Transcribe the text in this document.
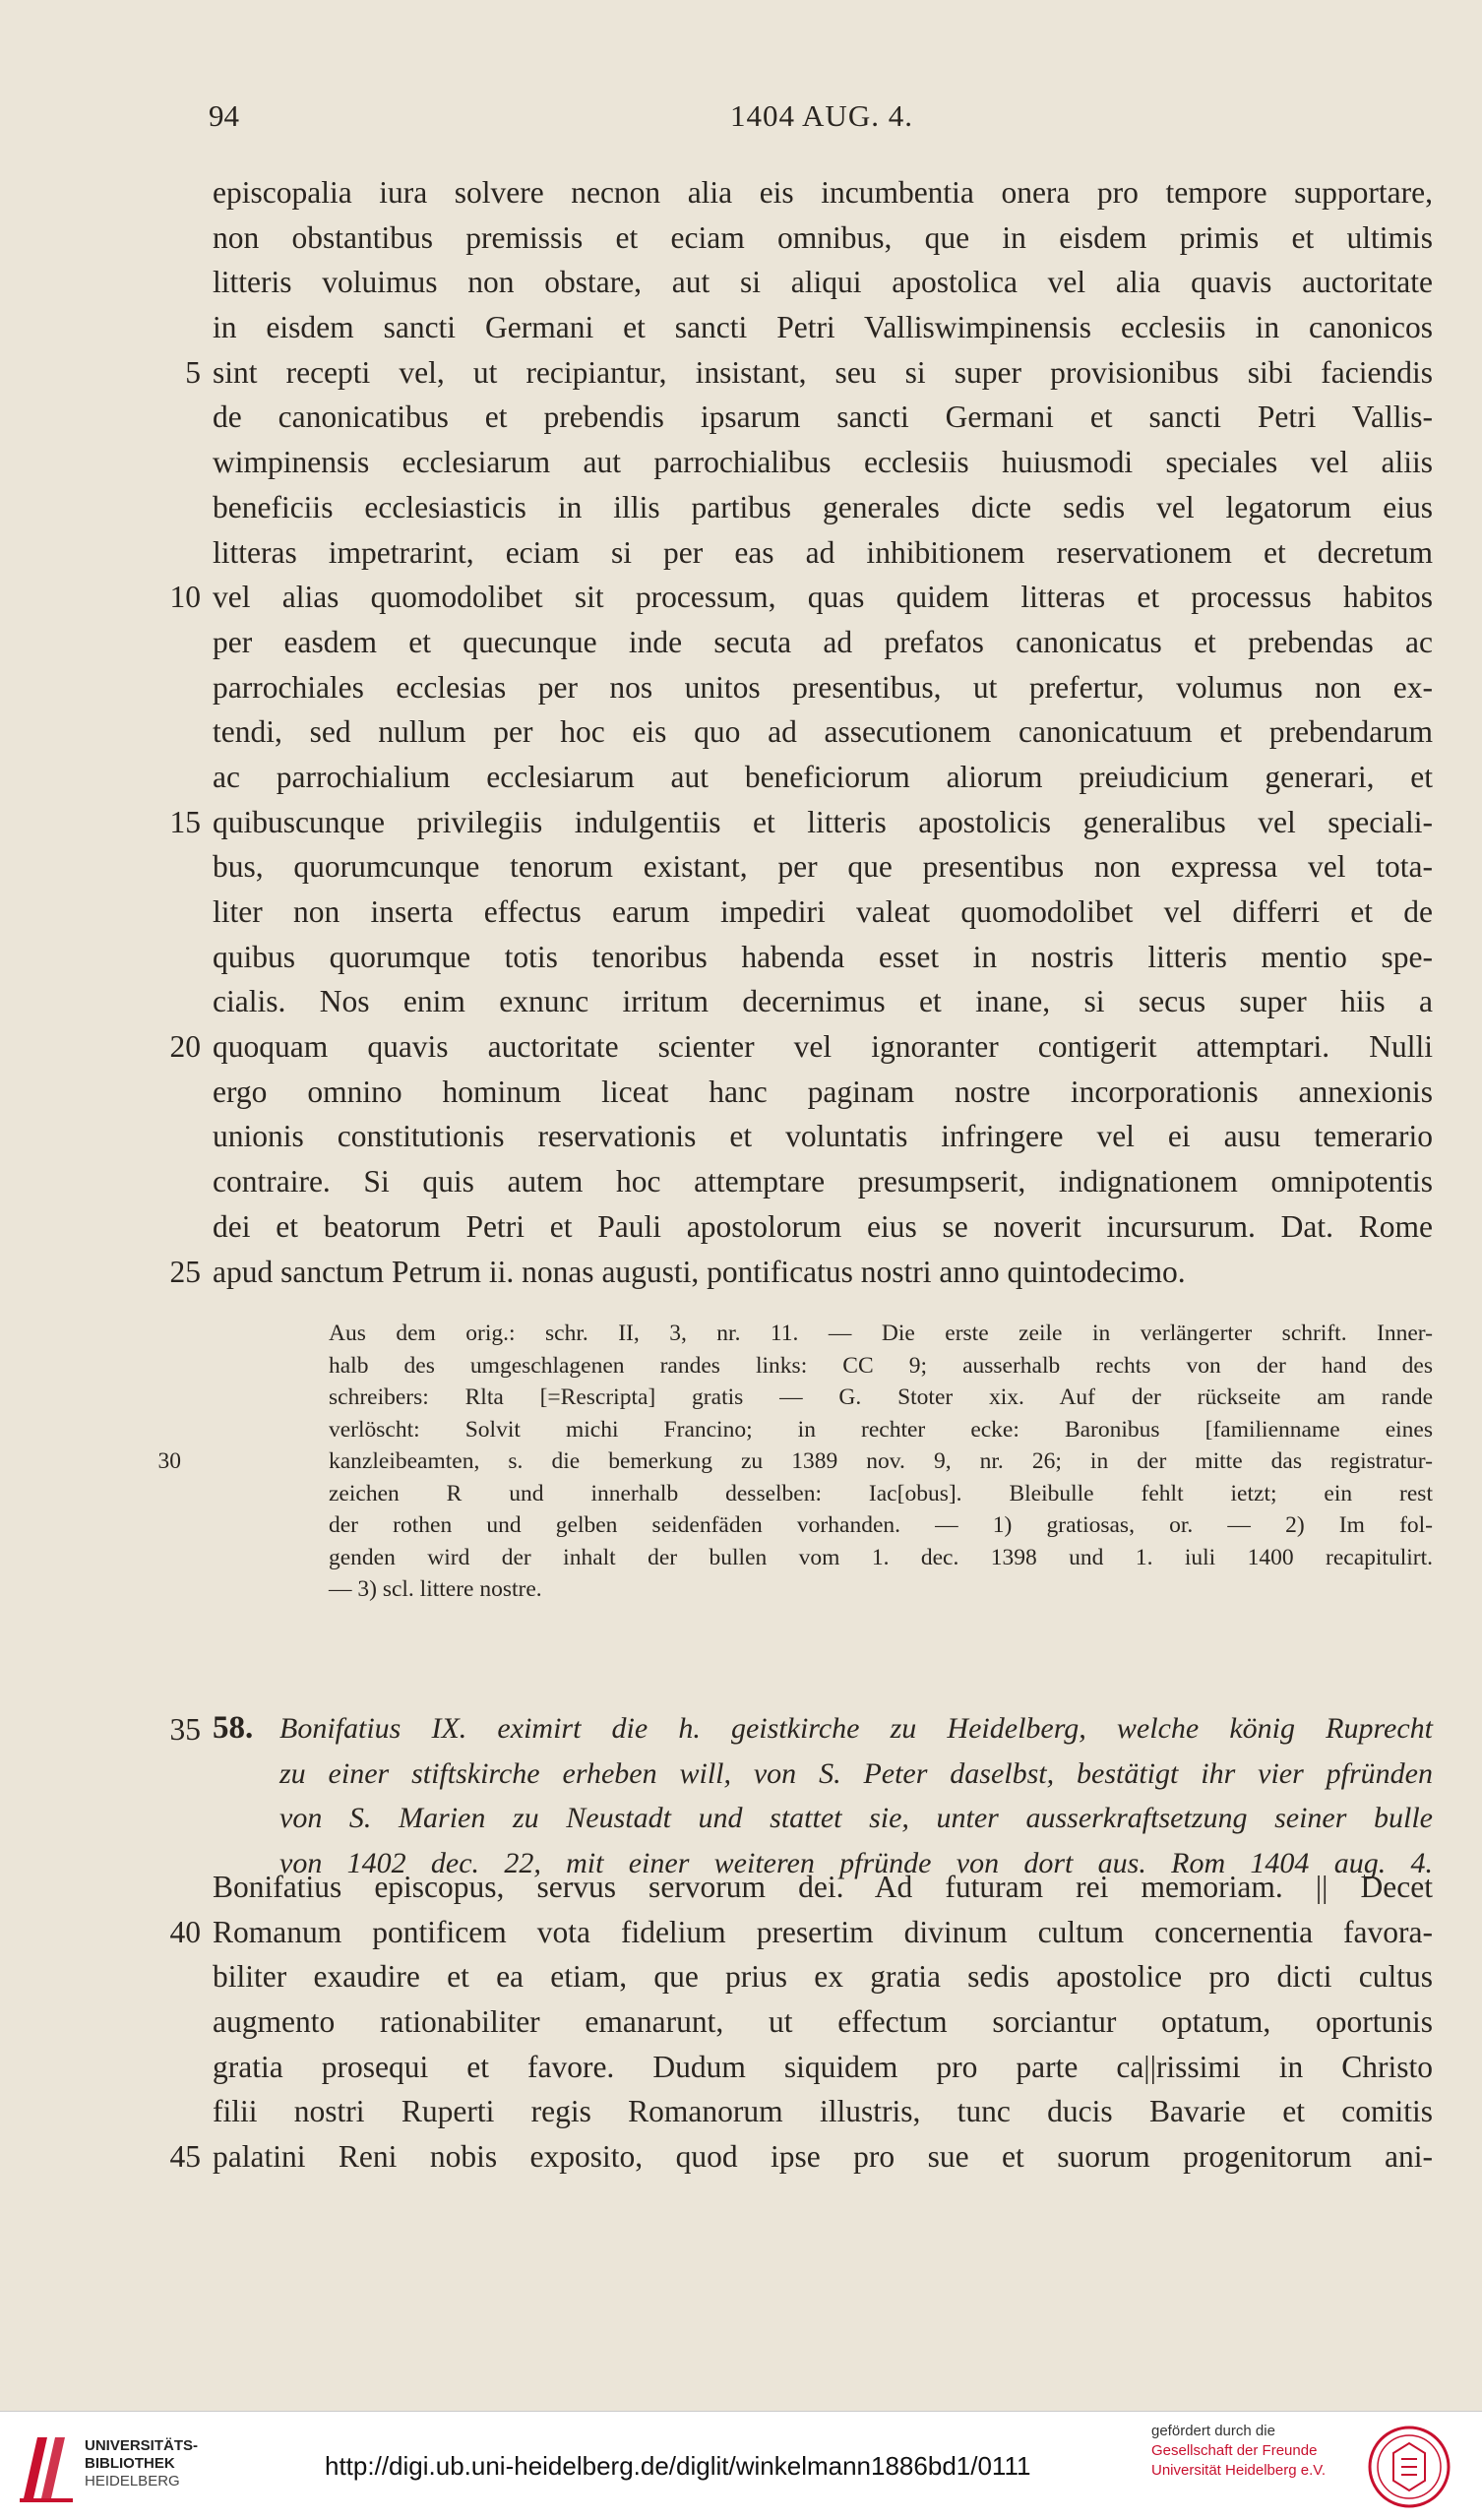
94	1404 AUG. 4.
episcopalia iura solvere necnon alia eis incumbentia onera pro tempore supportare,
non obstantibus premissis et eciam omnibus, que in eisdem primis et ultimis
litteris voluimus non obstare, aut si aliqui apostolica vel alia quavis auctoritate
in eisdem sancti Germani et sancti Petri Valliswimpinensis ecclesiis in canonicos
5 sint recepti vel, ut recipiantur, insistant, seu si super provisionibus sibi faciendis
de canonicatibus et prebendis ipsarum sancti Germani et sancti Petri Vallis-
wimpinensis ecclesiarum aut parrochialibus ecclesiis huiusmodi speciales vel aliis
beneficiis ecclesiasticis in illis partibus generales dicte sedis vel legatorum eius
litteras impetrarint, eciam si per eas ad inhibitionem reservationem et decretum
10 vel alias quomodolibet sit processum, quas quidem litteras et processus habitos
per easdem et quecunque inde secuta ad prefatos canonicatus et prebendas ac
parrochiales ecclesias per nos unitos presentibus, ut prefertur, volumus non ex-
tendi, sed nullum per hoc eis quo ad assecutionem canonicatuum et prebendarum
ac parrochialium ecclesiarum aut beneficiorum aliorum preiudicium generari, et
15 quibuscunque privilegiis indulgentiis et litteris apostolicis generalibus vel speciali-
bus, quorumcunque tenorum existant, per que presentibus non expressa vel tota-
liter non inserta effectus earum impediri valeat quomodolibet vel differri et de
quibus quorumque totis tenoribus habenda esset in nostris litteris mentio spe-
cialis. Nos enim exnunc irritum decernimus et inane, si secus super hiis a
20 quoquam quavis auctoritate scienter vel ignoranter contigerit attemptari. Nulli
ergo omnino hominum liceat hanc paginam nostre incorporationis annexionis
unionis constitutionis reservationis et voluntatis infringere vel ei ausu temerario
contraire. Si quis autem hoc attemptare presumpserit, indignationem omnipotentis
dei et beatorum Petri et Pauli apostolorum eius se noverit incursurum. Dat. Rome
25 apud sanctum Petrum ii. nonas augusti, pontificatus nostri anno quintodecimo.
Aus dem orig.: schr. II, 3, nr. 11. — Die erste zeile in verlängerter schrift. Inner-
halb des umgeschlagenen randes links: CC 9; ausserhalb rechts von der hand des
schreibers: Rlta [=Rescripta] gratis — G. Stoter xix. Auf der rückseite am rande
verlöscht: Solvit michi Francino; in rechter ecke: Baronibus [familienname eines
30	kanzleibeamten, s. die bemerkung zu 1389 nov. 9, nr. 26; in der mitte das registratur-
zeichen R und innerhalb desselben: Iac[obus]. Bleibulle fehlt ietzt; ein rest
der rothen und gelben seidenfäden vorhanden. — 1) gratiosas, or. — 2) Im fol-
genden wird der inhalt der bullen vom 1. dec. 1398 und 1. iuli 1400 recapitulirt.
— 3) scl. littere nostre.
35 58. Bonifatius IX. eximirt die h. geistkirche zu Heidelberg, welche könig Ruprecht
zu einer stiftskirche erheben will, von S. Peter daselbst, bestätigt ihr vier pfründen
von S. Marien zu Neustadt und stattet sie, unter ausserkraftsetzung seiner bulle
von 1402 dec. 22, mit einer weiteren pfründe von dort aus. Rom 1404 aug. 4.
Bonifatius episcopus, servus servorum dei. Ad futuram rei memoriam. || Decet
40 Romanum pontificem vota fidelium presertim divinum cultum concernentia favora-
biliter exaudire et ea etiam, que prius ex gratia sedis apostolice pro dicti cultus
augmento rationabiliter emanarunt, ut effectum sorciantur optatum, oportunis
gratia prosequi et favore. Dudum siquidem pro parte ca||rissimi in Christo
filii nostri Ruperti regis Romanorum illustris, tunc ducis Bavarie et comitis
45 palatini Reni nobis exposito, quod ipse pro sue et suorum progenitorum ani-
UNIVERSITÄTS-
BIBLIOTHEK
HEIDELBERG
http://digi.ub.uni-heidelberg.de/diglit/winkelmann1886bd1/0111
gefördert durch die
Gesellschaft der Freunde
Universität Heidelberg e.V.
